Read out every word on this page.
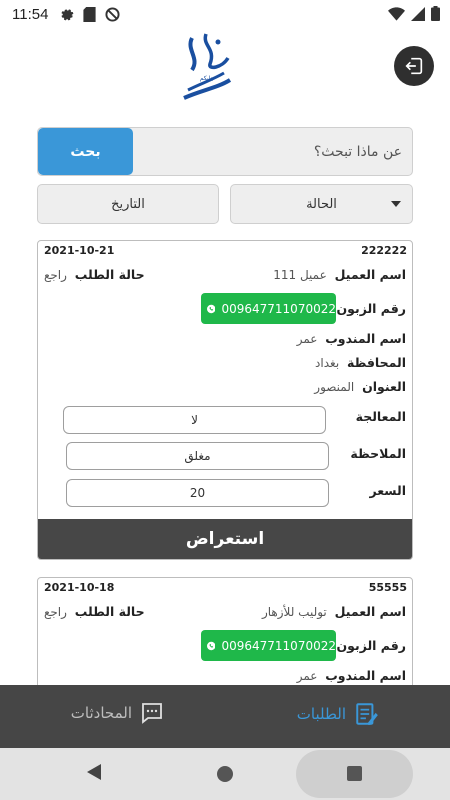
11:54
جابكم
بحث
عن ماذا تبحث؟
التاريخ	الحالة
222222
2021-10-21
اسم العميل عميل 111
حالة الطلب راجع
رقم الزبون
009647711070022
اسم المندوب عمر
المحافظة بغداد
العنوان المنصور
المعالجة
لا
الملاحظة
مغلق
السعر
20
استعراض
55555
2021-10-18
اسم العميل توليب للأزهار
حالة الطلب راجع
رقم الزبون
009647711070022
اسم المندوب عمر
المحادثات	الطلبات
